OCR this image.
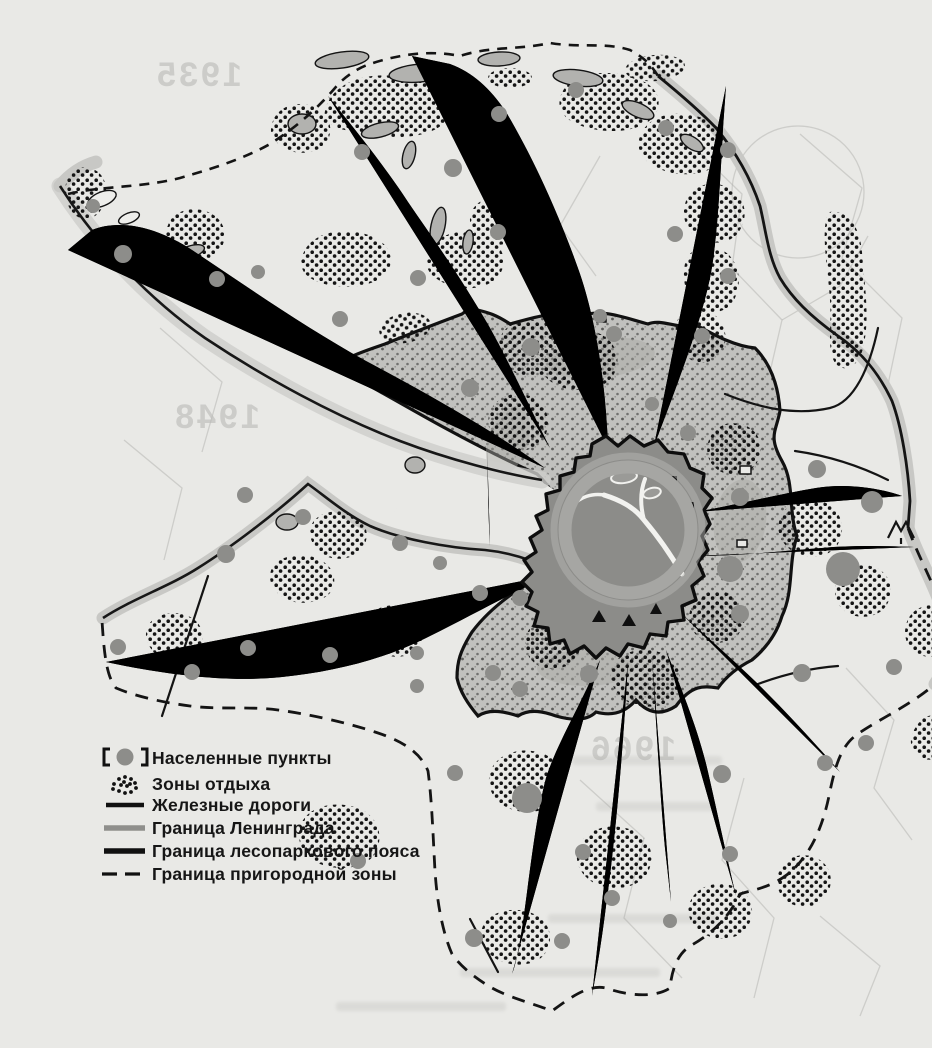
1935
1948
1966
Населенные пункты
Зоны отдыха
Железные дороги
Граница Ленинграда
Граница лесопаркового пояса
Граница пригородной зоны
